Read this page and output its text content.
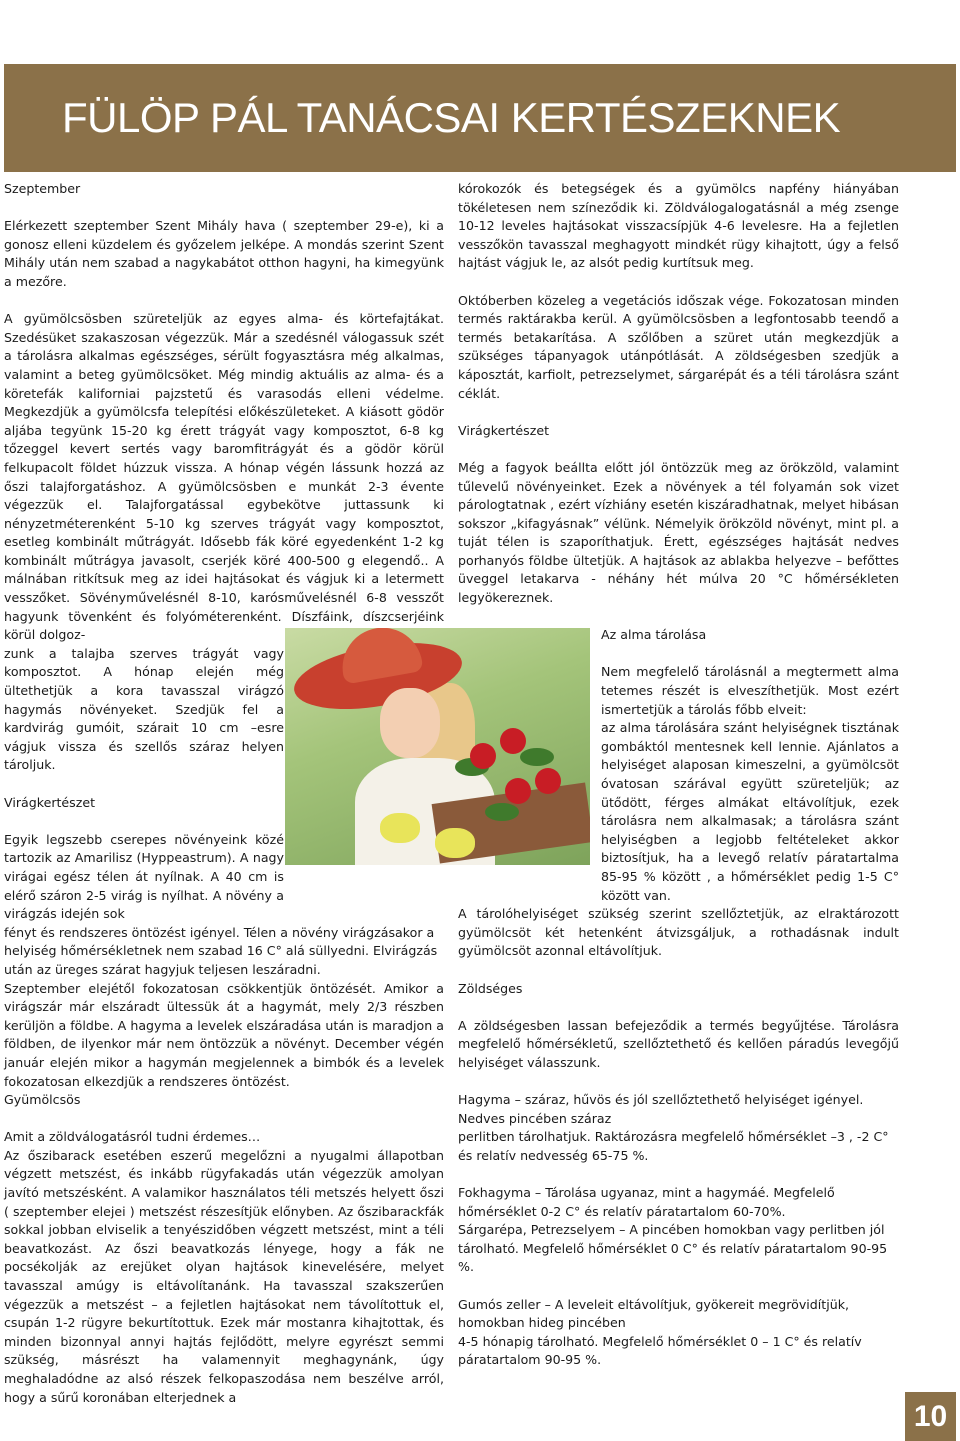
FÜLÖP PÁL TANÁCSAI KERTÉSZEKNEK

Szeptember

Elérkezett szeptember Szent Mihály hava ( szeptember 29-e), ki a gonosz elleni küzdelem és győzelem jelképe. A mondás szerint Szent Mihály után nem szabad a nagykabátot otthon hagyni, ha kimegyünk a mezőre.

A gyümölcsösben szüreteljük az egyes alma- és körtefajtákat. Szedésüket szakaszosan végezzük. Már a szedésnél válogassuk szét a tárolásra alkalmas egészséges, sérült fogyasztásra még alkalmas, valamint a beteg gyümölcsöket. Még mindig aktuális az alma- és a köretefák kaliforniai pajzstetű és varasodás elleni védelme. Megkezdjük a gyümölcsfa telepítési előkészületeket. A kiásott gödör aljába tegyünk 15-20 kg érett trágyát vagy komposztot, 6-8 kg tőzeggel kevert sertés vagy baromfitrágyát és a gödör körül felkupacolt földet húzzuk vissza. A hónap végén lássunk hozzá az őszi talajforgatáshoz. A gyümölcsösben e munkát 2-3 évente végezzük el. Talajforgatással egybekötve juttassunk ki nényzetméterenként 5-10 kg szerves trágyát vagy komposztot, esetleg kombinált műtrágyát. Idősebb fák köré egyedenként 1-2 kg kombinált műtrágya javasolt, cserjék köré 400-500 g elegendő.. A málnában ritkítsuk meg az idei hajtásokat és vágjuk ki a letermett vesszőket. Sövényművelésnél 8-10, karósművelésnél 6-8 vesszőt hagyunk tövenként és folyóméterenként. Díszfáink, díszcserjéink körül dolgoz-

zunk a talajba szerves trágyát vagy komposztot. A hónap elején még ültethetjük a kora tavasszal virágzó hagymás növényeket. Szedjük fel a kardvirág gumóit, szárait 10 cm –esre vágjuk vissza és szellős száraz helyen tároljuk.

Virágkertészet

Egyik legszebb cserepes növényeink közé tartozik az Amarilisz (Hyppeastrum). A nagy virágai egész télen át nyílnak. A 40 cm is elérő száron 2-5 virág is nyílhat. A növény a virágzás idején sok

fényt és rendszeres öntözést igényel. Télen a növény virágzásakor a helyiség hőmérsékletnek nem szabad 16 C° alá süllyedni. Elvirágzás után az üreges szárat hagyjuk teljesen leszáradni.

Szeptember elejétől fokozatosan csökkentjük öntözését. Amikor a virágszár már elszáradt ültessük át a hagymát, mely 2/3 részben kerüljön a földbe. A hagyma a levelek elszáradása után is maradjon a földben, de ilyenkor már nem öntözzük a növényt. December végén január elején mikor a hagymán megjelennek a bimbók és a levelek fokozatosan elkezdjük a rendszeres öntözést.

Gyümölcsös

Amit a zöldválogatásról tudni érdemes…

Az őszibarack esetében eszerű megelőzni a nyugalmi állapotban végzett metszést, és inkább rügyfakadás után végezzük amolyan javító metszésként. A valamikor használatos téli metszés helyett őszi ( szeptember elejei ) metszést részesítjük előnyben. Az őszibarackfák sokkal jobban elviselik a tenyészidőben végzett metszést, mint a téli beavatkozást. Az őszi beavatkozás lényege, hogy a fák ne pocsékolják az erejüket olyan hajtások kinevelésére, melyet tavasszal amúgy is eltávolítanánk. Ha tavasszal szakszerűen végezzük a metszést – a fejletlen hajtásokat nem távolítottuk el, csupán 1-2 rügyre bekurtítottuk. Ezek már mostanra kihajtottak, és minden bizonnyal annyi hajtás fejlődött, melyre egyrészt semmi szükség, másrészt ha valamennyit meghagynánk, úgy meghaladódne az alsó részek felkopaszodása nem beszélve arról, hogy a sűrű koronában elterjednek a

kórokozók és betegségek és a gyümölcs napfény hiányában tökéletesen nem színeződik ki. Zöldválogalogatásnál a még zsenge 10-12 leveles hajtásokat visszacsípjük 4-6 levelesre. Ha a fejletlen vesszőkön tavasszal meghagyott mindkét rügy kihajtott, úgy a felső hajtást vágjuk le, az alsót pedig kurtítsuk meg.

Októberben közeleg a vegetációs időszak vége. Fokozatosan minden termés raktárakba kerül. A gyümölcsösben a legfontosabb teendő a termés betakarítása. A szőlőben a szüret után megkezdjük a szükséges tápanyagok utánpótlását. A zöldségesben szedjük a káposztát, karfiolt, petrezselymet, sárgarépát és a téli tárolásra szánt céklát.

Virágkertészet

Még a fagyok beállta előtt jól öntözzük meg az örökzöld, valamint tűlevelű növényeinket. Ezek a növények a tél folyamán sok vizet párologtatnak , ezért vízhiány esetén kiszáradhatnak, melyet hibásan sokszor „kifagyásnak” vélünk. Némelyik örökzöld növényt, mint pl. a tuját télen is szaporíthatjuk. Érett, egészséges hajtását nedves porhanyós földbe ültetjük. A hajtások az ablakba helyezve – befőttes üveggel letakarva - néhány hét múlva 20 °C hőmérsékleten legyökereznek.

Az alma tárolása

Nem megfelelő tárolásnál a megtermett alma tetemes részét is elveszíthetjük. Most ezért ismertetjük a tárolás főbb elveit:

az alma tárolására szánt helyiségnek tisztának gombáktól mentesnek kell lennie. Ajánlatos a helyiséget alaposan kimeszelni, a gyümölcsöt óvatosan szárával együtt szüreteljük; az ütődött, férges almákat eltávolítjuk, ezek tárolásra nem alkalmasak; a tárolásra szánt helyiségben a legjobb feltételeket akkor biztosítjuk, ha a levegő relatív páratartalma 85-95 % között , a hőmérséklet pedig 1-5 C° között van.

A tárolóhelyiséget szükség szerint szellőztetjük, az elraktározott gyümölcsöt két hetenként átvizsgáljuk, a rothadásnak indult gyümölcsöt azonnal eltávolítjuk.

Zöldséges

A zöldségesben lassan befejeződik a termés begyűjtése. Tárolásra megfelelő hőmérsékletű, szellőztethető és kellően páradús levegőjű helyiséget válasszunk.

Hagyma – száraz, hűvös és jól szellőztethető helyiséget igényel. Nedves pincében száraz

perlitben tárolhatjuk. Raktározásra megfelelő hőmérséklet –3 , -2 C° és relatív nedvesség 65-75 %.

Fokhagyma – Tárolása ugyanaz, mint a hagymáé. Megfelelő hőmérséklet 0-2 C° és relatív páratartalom 60-70%.

Sárgarépa, Petrezselyem – A pincében homokban vagy perlitben jól tárolható. Megfelelő hőmérséklet 0 C° és relatív páratartalom 90-95 %.

Gumós zeller – A leveleit eltávolítjuk, gyökereit megrövidítjük, homokban hideg pincében

4-5 hónapig tárolható. Megfelelő hőmérséklet 0 – 1 C° és relatív páratartalom 90-95 %.

10
